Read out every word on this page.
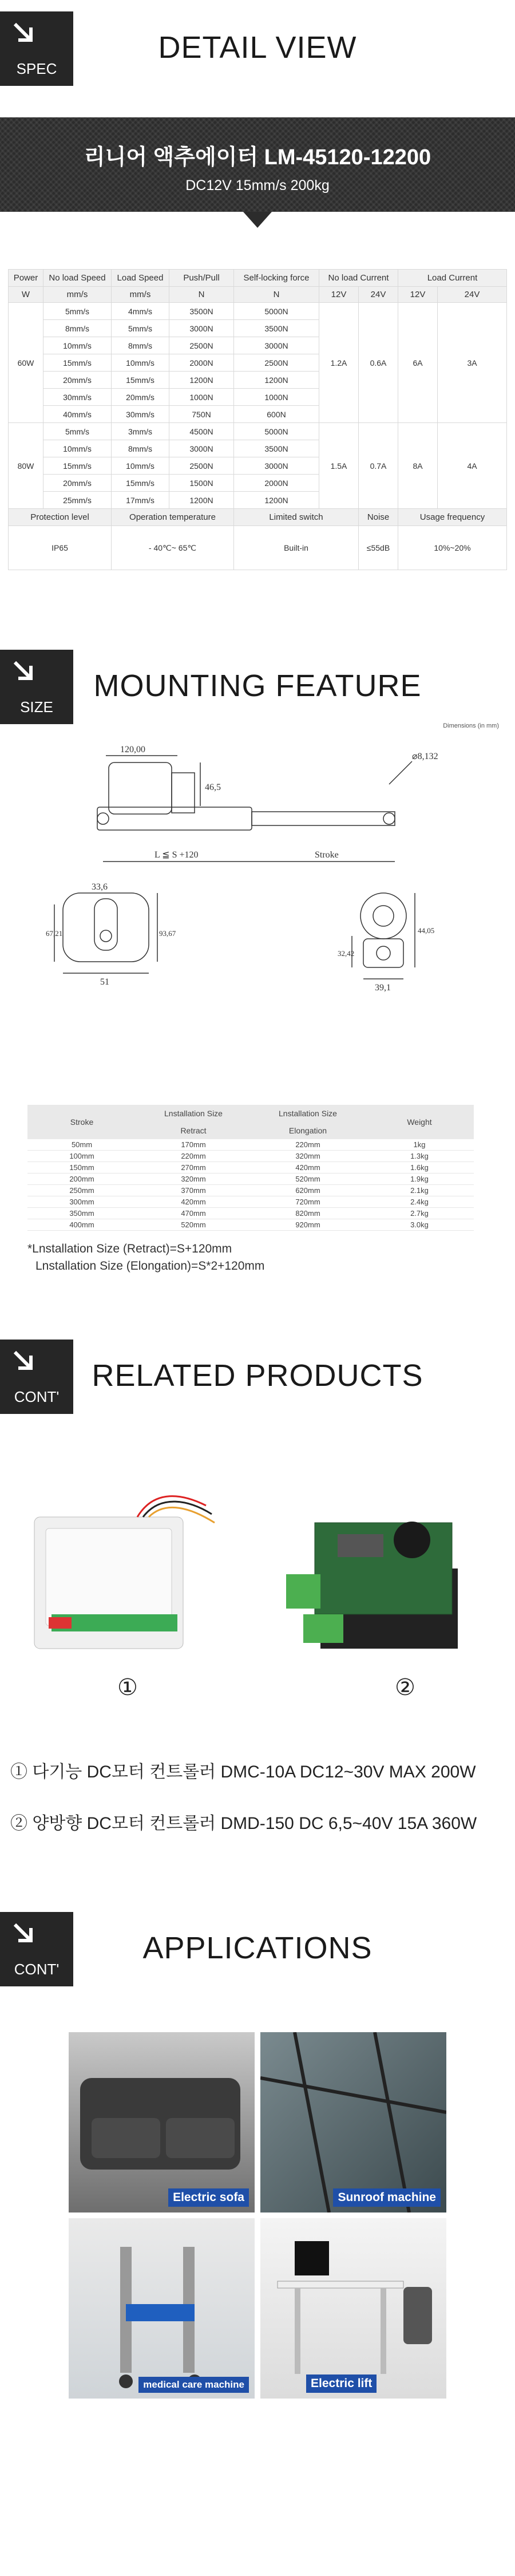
SPEC
DETAIL VIEW
리니어 액추에이터 LM-45120-12200
DC12V 15mm/s 200kg
Power	No load Speed	Load Speed	Push/Pull	Self-locking force	No load Current		Load Current	
W	mm/s	mm/s	N	N	12V	24V	12V	24V
60W	5mm/s	4mm/s	3500N	5000N	1.2A	0.6A	6A	3A
	8mm/s	5mm/s	3000N	3500N				
	10mm/s	8mm/s	2500N	3000N				
	15mm/s	10mm/s	2000N	2500N				
	20mm/s	15mm/s	1200N	1200N				
	30mm/s	20mm/s	1000N	1000N				
	40mm/s	30mm/s	750N	600N				
80W	5mm/s	3mm/s	4500N	5000N	1.5A	0.7A	8A	4A
	10mm/s	8mm/s	3000N	3500N				
	15mm/s	10mm/s	2500N	3000N				
	20mm/s	15mm/s	1500N	2000N				
	25mm/s	17mm/s	1200N	1200N				
Protection level		Operation temperature		Limited switch		Noise	Usage frequency	
IP65		- 40℃~ 65℃		Built-in		≤55dB	10%~20%	
SIZE
MOUNTING FEATURE
Dimensions (in mm)
120,00
46,5
⌀8,132
L ≦ S +120	Stroke
33,6
67,21	93,67
51
32,42
44,05
39,1
Stroke	Lnstallation Size	Lnstallation Size	Weight
	Retract	Elongation	
50mm	170mm	220mm	1kg
100mm	220mm	320mm	1.3kg
150mm	270mm	420mm	1.6kg
200mm	320mm	520mm	1.9kg
250mm	370mm	620mm	2.1kg
300mm	420mm	720mm	2.4kg
350mm	470mm	820mm	2.7kg
400mm	520mm	920mm	3.0kg
*Lnstallation Size (Retract)=S+120mm
Lnstallation Size (Elongation)=S*2+120mm
CONT'
RELATED PRODUCTS
①	②
① 다기능 DC모터 컨트롤러 DMC-10A DC12~30V MAX 200W
② 양방향 DC모터 컨트롤러 DMD-150 DC 6,5~40V 15A 360W
CONT'
APPLICATIONS
Electric sofa	Sunroof machine
medical care machine	Electric lift
